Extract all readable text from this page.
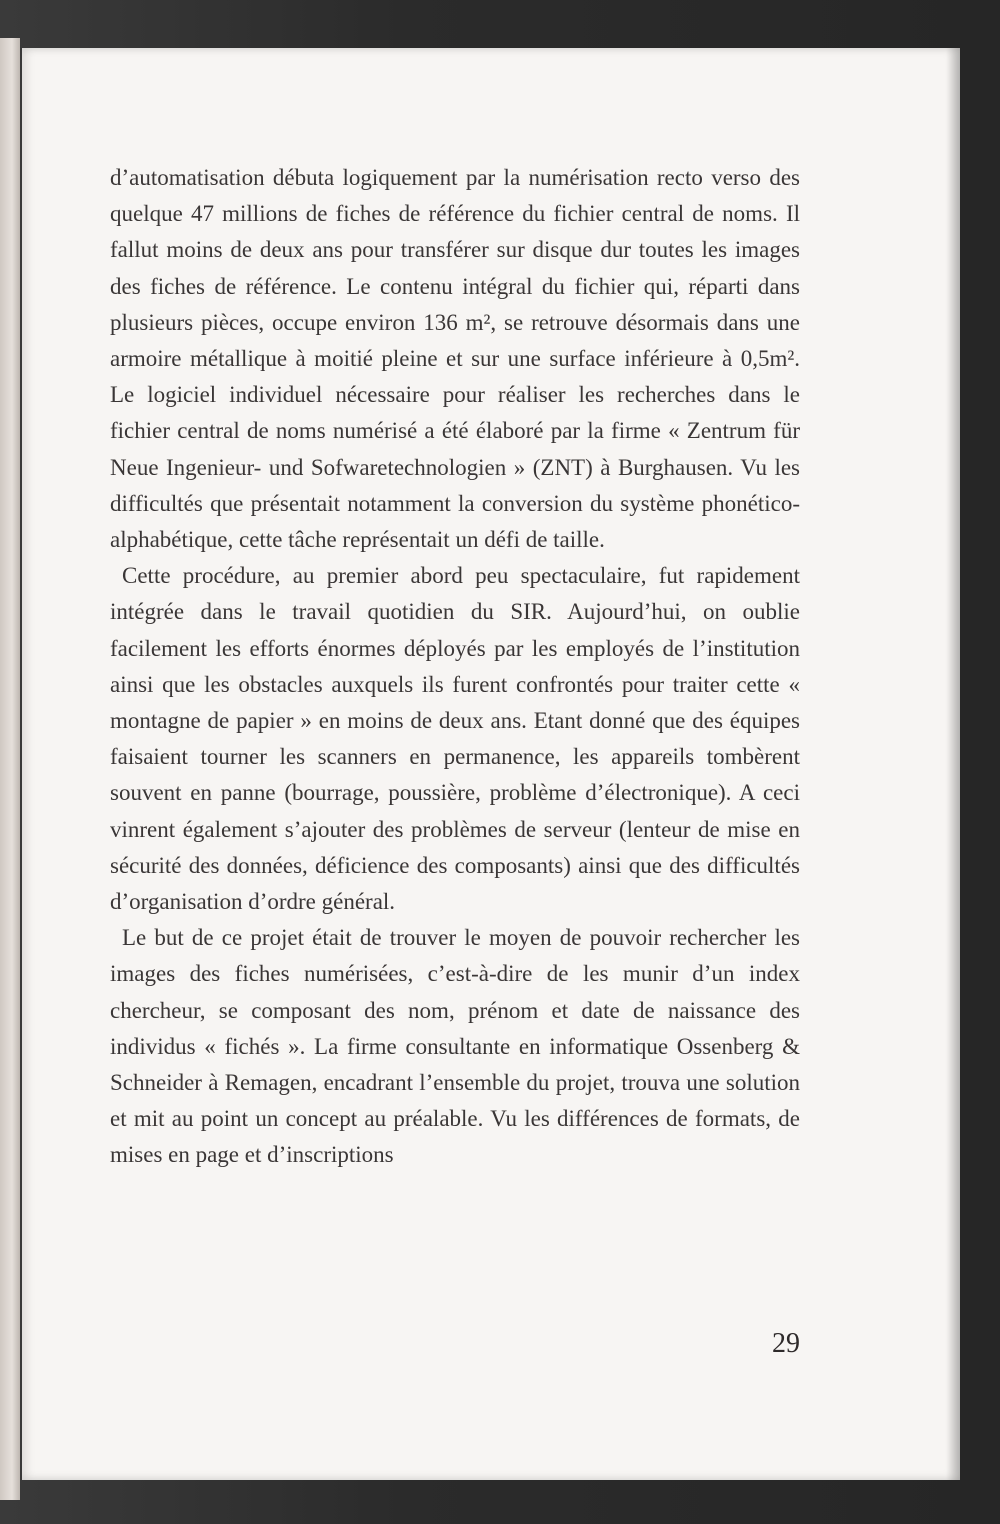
d’automatisation débuta logiquement par la numérisation recto verso des quelque 47 millions de fiches de référence du fichier central de noms. Il fallut moins de deux ans pour transférer sur disque dur toutes les images des fiches de référence. Le contenu intégral du fichier qui, réparti dans plusieurs pièces, occupe environ 136 m², se retrouve désormais dans une armoire métallique à moitié pleine et sur une surface inférieure à 0,5m². Le logiciel individuel nécessaire pour réaliser les recherches dans le fichier central de noms numérisé a été élaboré par la firme « Zentrum für Neue Ingenieur- und Sofwaretechnologien » (ZNT) à Burghausen. Vu les difficultés que présentait notamment la conversion du système phonético-alphabétique, cette tâche représentait un défi de taille.

Cette procédure, au premier abord peu spectaculaire, fut rapidement intégrée dans le travail quotidien du SIR. Aujourd’hui, on oublie facilement les efforts énormes déployés par les employés de l’institution ainsi que les obstacles auxquels ils furent confrontés pour traiter cette « montagne de papier » en moins de deux ans. Etant donné que des équipes faisaient tourner les scanners en permanence, les appareils tombèrent souvent en panne (bourrage, poussière, problème d’électronique). A ceci vinrent également s’ajouter des problèmes de serveur (lenteur de mise en sécurité des données, déficience des composants) ainsi que des difficultés d’organisation d’ordre général.

Le but de ce projet était de trouver le moyen de pouvoir rechercher les images des fiches numérisées, c’est-à-dire de les munir d’un index chercheur, se composant des nom, prénom et date de naissance des individus « fichés ». La firme consultante en informatique Ossenberg & Schneider à Remagen, encadrant l’ensemble du projet, trouva une solution et mit au point un concept au préalable. Vu les différences de formats, de mises en page et d’inscriptions

29
